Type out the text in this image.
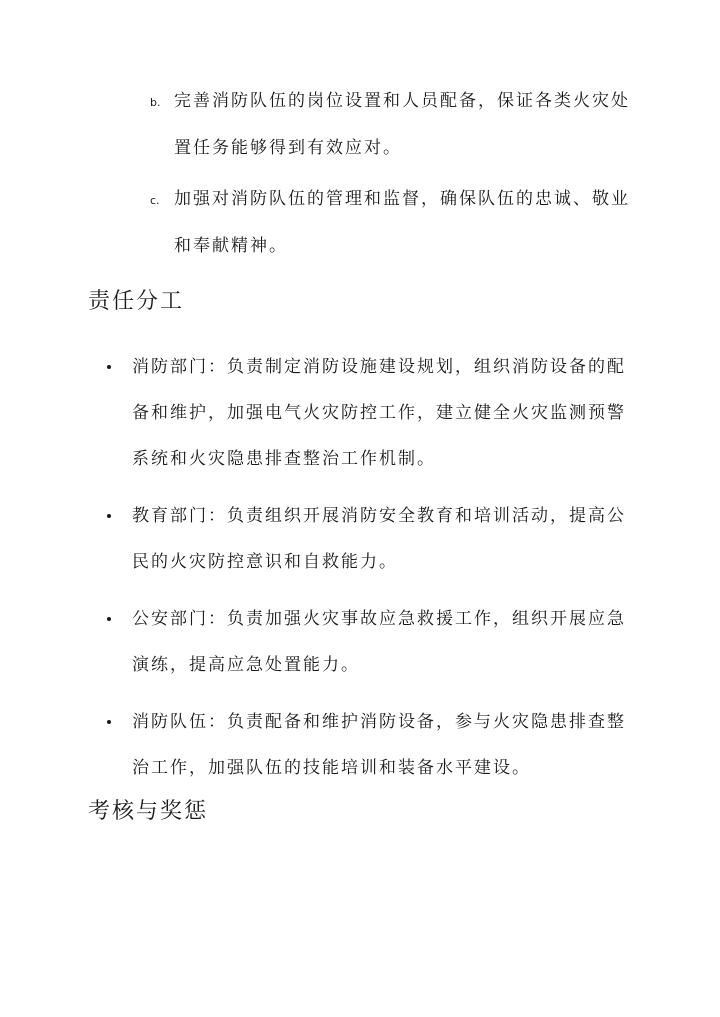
b. 完善消防队伍的岗位设置和人员配备，保证各类火灾处置任务能够得到有效应对。
c. 加强对消防队伍的管理和监督，确保队伍的忠诚、敬业和奉献精神。
责任分工
消防部门：负责制定消防设施建设规划，组织消防设备的配备和维护，加强电气火灾防控工作，建立健全火灾监测预警系统和火灾隐患排查整治工作机制。
教育部门：负责组织开展消防安全教育和培训活动，提高公民的火灾防控意识和自救能力。
公安部门：负责加强火灾事故应急救援工作，组织开展应急演练，提高应急处置能力。
消防队伍：负责配备和维护消防设备，参与火灾隐患排查整治工作，加强队伍的技能培训和装备水平建设。
考核与奖惩
